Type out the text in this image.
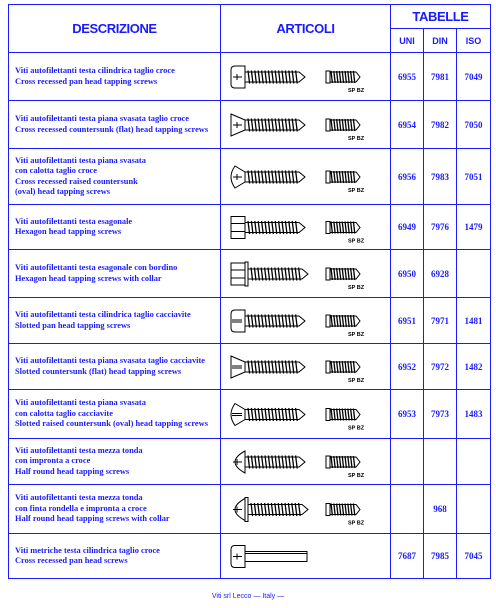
DESCRIZIONE	ARTICOLI	TABELLE		
		UNI	DIN	ISO

Viti autofilettanti testa cilindrica taglio croce
Cross recessed pan head tapping screws	SP BZ	6955	7981	7049

Viti autofilettanti testa piana svasata taglio croce
Cross recessed countersunk (flat) head tapping screws	SP BZ	6954	7982	7050

Viti autofilettanti testa piana svasata
con calotta taglio croce
Cross recessed raised countersunk
(oval) head tapping screws	SP BZ	6956	7983	7051

Viti autofilettanti testa esagonale
Hexagon head tapping screws	SP BZ	6949	7976	1479

Viti autofilettanti testa esagonale con bordino
Hexagon head tapping screws with collar	SP BZ	6950	6928	

Viti autofilettanti testa cilindrica taglio cacciavite
Slotted pan head tapping screws	SP BZ	6951	7971	1481

Viti autofilettanti testa piana svasata taglio cacciavite
Slotted countersunk (flat) head tapping screws	SP BZ	6952	7972	1482

Viti autofilettanti testa piana svasata
con calotta taglio cacciavite
Slotted raised countersunk (oval) head tapping screws	SP BZ	6953	7973	1483

Viti autofilettanti testa mezza tonda
con impronta a croce
Half round head tapping screws	SP BZ			

Viti autofilettanti testa mezza tonda
con finta rondella e impronta a croce
Half round head tapping screws with collar	SP BZ		968	

Viti metriche testa cilindrica taglio croce
Cross recessed pan head screws		7687	7985	7045
Viti srl Lecco — Italy —
